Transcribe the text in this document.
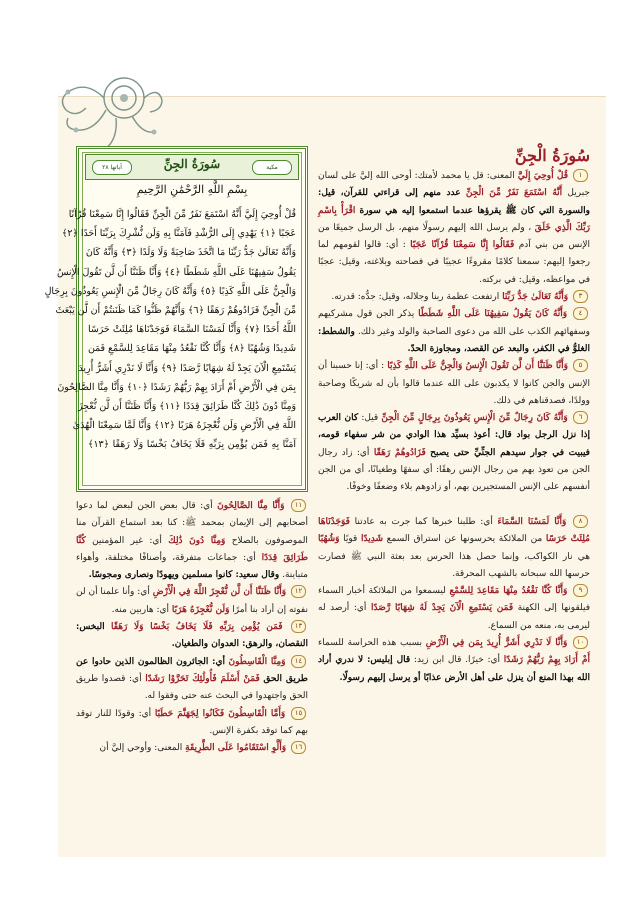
سُورَةُ الْجِنِّ
١ قُلْ أُوحِيَ إِلَيَّ المعنى: قل يا محمد لأمتك: أوحى الله إليَّ على لسان جبريل أَنَّهُ اسْتَمَعَ نَفَرٌ مِّنَ الْجِنِّ عدد منهم إلى قراءتي للقرآن، قيل: والسورة التي كان ﷺ يقرؤها عندما استمعوا إليه هي سورة اقْرَأْ بِاسْمِ رَبِّكَ الَّذِي خَلَقَ ، ولم يرسل الله إليهم رسولًا منهم، بل الرسل جميعًا من الإنس من بني آدم فَقَالُوا إِنَّا سَمِعْنَا قُرْآنًا عَجَبًا : أي: قالوا لقومهم لما رجعوا إليهم: سمعنا كلامًا مقروءًا عجيبًا في فصاحته وبلاغته، وقيل: عجبًا في مواعظه، وقيل: في بركته.
٣ وَأَنَّهُ تَعَالَىٰ جَدُّ رَبِّنَا ارتفعت عظمة ربنا وجلاله، وقيل: جدُّه: قدرته.
٤ وَأَنَّهُ كَانَ يَقُولُ سَفِيهُنَا عَلَى اللَّهِ شَطَطًا يذكر الجن قول مشركيهم وسفهائهم الكذب على الله من دعوى الصاحبة والولد وغير ذلك. والشطط: الغلوُّ في الكفر، والبعد عن القصد، ومجاوزة الحدّ.
٥ وَأَنَّا ظَنَنَّا أَن لَّن تَقُولَ الْإِنسُ وَالْجِنُّ عَلَى اللَّهِ كَذِبًا : أي: إنا حسبنا أن الإنس والجن كانوا لا يكذبون على الله عندما قالوا بأن له شريكًا وصاحبة وولدًا، فصدقناهم في ذلك.
٦ وَأَنَّهُ كَانَ رِجَالٌ مِّنَ الْإِنسِ يَعُوذُونَ بِرِجَالٍ مِّنَ الْجِنِّ قيل: كان العرب إذا نزل الرجل بواد قال: أعوذ بسيِّد هذا الوادي من شر سفهاء قومه، فيبيت في جوار سيدهم الجنِّيِّ حتى يصبح فَزَادُوهُمْ رَهَقًا أي: زاد رجال الجن من تعوذ بهم من رجال الإنس رهقًا: أي سفهًا وطغيانًا، أي من الجن أنفسهم على الإنس المستجيرين بهم، أو زادوهم بلاء وضعفًا وخوفًا.
مكية
سُورَةُ الجِنِّ
آياتها ٢٨
بِسْمِ اللَّهِ الرَّحْمَٰنِ الرَّحِيمِ
قُلْ أُوحِيَ إِلَيَّ أَنَّهُ اسْتَمَعَ نَفَرٌ مِّنَ الْجِنِّ فَقَالُوا إِنَّا سَمِعْنَا قُرْآنًا
عَجَبًا ﴿١﴾ يَهْدِي إِلَى الرُّشْدِ فَآمَنَّا بِهِ وَلَن نُّشْرِكَ بِرَبِّنَا أَحَدًا ﴿٢﴾
وَأَنَّهُ تَعَالَىٰ جَدُّ رَبِّنَا مَا اتَّخَذَ صَاحِبَةً وَلَا وَلَدًا ﴿٣﴾ وَأَنَّهُ كَانَ
يَقُولُ سَفِيهُنَا عَلَى اللَّهِ شَطَطًا ﴿٤﴾ وَأَنَّا ظَنَنَّا أَن لَّن تَقُولَ الْإِنسُ
وَالْجِنُّ عَلَى اللَّهِ كَذِبًا ﴿٥﴾ وَأَنَّهُ كَانَ رِجَالٌ مِّنَ الْإِنسِ يَعُوذُونَ بِرِجَالٍ
مِّنَ الْجِنِّ فَزَادُوهُمْ رَهَقًا ﴿٦﴾ وَأَنَّهُمْ ظَنُّوا كَمَا ظَنَنتُمْ أَن لَّن يَبْعَثَ
اللَّهُ أَحَدًا ﴿٧﴾ وَأَنَّا لَمَسْنَا السَّمَاءَ فَوَجَدْنَاهَا مُلِئَتْ حَرَسًا
شَدِيدًا وَشُهُبًا ﴿٨﴾ وَأَنَّا كُنَّا نَقْعُدُ مِنْهَا مَقَاعِدَ لِلسَّمْعِ فَمَن
يَسْتَمِعِ الْآنَ يَجِدْ لَهُ شِهَابًا رَّصَدًا ﴿٩﴾ وَأَنَّا لَا نَدْرِي أَشَرٌّ أُرِيدَ
بِمَن فِي الْأَرْضِ أَمْ أَرَادَ بِهِمْ رَبُّهُمْ رَشَدًا ﴿١٠﴾ وَأَنَّا مِنَّا الصَّالِحُونَ
وَمِنَّا دُونَ ذَٰلِكَ كُنَّا طَرَائِقَ قِدَدًا ﴿١١﴾ وَأَنَّا ظَنَنَّا أَن لَّن نُّعْجِزَ
اللَّهَ فِي الْأَرْضِ وَلَن نُّعْجِزَهُ هَرَبًا ﴿١٢﴾ وَأَنَّا لَمَّا سَمِعْنَا الْهُدَىٰ
آمَنَّا بِهِ فَمَن يُؤْمِن بِرَبِّهِ فَلَا يَخَافُ بَخْسًا وَلَا رَهَقًا ﴿١٣﴾
٨ وَأَنَّا لَمَسْنَا السَّمَاءَ أي: طلبنا خبرها كما جرت به عادتنا فَوَجَدْنَاهَا مُلِئَتْ حَرَسًا من الملائكة يحرسونها عن استراق السمع شَدِيدًا قويًا وَشُهُبًا هي نار الكواكب، وإنما حصل هذا الحرس بعد بعثة النبي ﷺ فصارت حرسها الله سبحانه بالشهب المحرقة.
٩ وَأَنَّا كُنَّا نَقْعُدُ مِنْهَا مَقَاعِدَ لِلسَّمْعِ ليسمعوا من الملائكة أخبار السماء فيلقونها إلى الكهنة فَمَن يَسْتَمِعِ الْآنَ يَجِدْ لَهُ شِهَابًا رَّصَدًا أي: أرصد له ليرمى به، منعه من السماع.
١٠ وَأَنَّا لَا نَدْرِي أَشَرٌّ أُرِيدَ بِمَن فِي الْأَرْضِ بسبب هذه الحراسة للسماء أَمْ أَرَادَ بِهِمْ رَبُّهُمْ رَشَدًا أي: خيرًا. قال ابن زيد: قال إبليس: لا ندري أراد الله بهذا المنع أن ينزل على أهل الأرض عذابًا أو يرسل إليهم رسولًا.
١١ وَأَنَّا مِنَّا الصَّالِحُونَ أي: قال بعض الجن لبعض لما دعوا أصحابهم إلى الإيمان بمحمد ﷺ: كنا بعد استماع القرآن منا الموصوفون بالصلاح وَمِنَّا دُونَ ذَٰلِكَ أي: غير المؤمنين كُنَّا طَرَائِقَ قِدَدًا أي: جماعات متفرقة، وأصنافًا مختلفة، وأهواء متباينة. وقال سعيد: كانوا مسلمين ويهودًا ونصارى ومجوسًا.
١٢ وَأَنَّا ظَنَنَّا أَن لَّن نُّعْجِزَ اللَّهَ فِي الْأَرْضِ أي: وأنا علمنا أن لن نفوته إن أراد بنا أمرًا وَلَن نُّعْجِزَهُ هَرَبًا أي: هاربين منه.
١٣ فَمَن يُؤْمِن بِرَبِّهِ فَلَا يَخَافُ بَخْسًا وَلَا رَهَقًا البخس: النقصان، والرهق: العدوان والطغيان.
١٤ وَمِنَّا الْقَاسِطُونَ أي: الجائرون الظالمون الذين حادوا عن طريق الحق فَمَنْ أَسْلَمَ فَأُولَٰئِكَ تَحَرَّوْا رَشَدًا أي: قصدوا طريق الحق واجتهدوا في البحث عنه حتى وفقوا له.
١٥ وَأَمَّا الْقَاسِطُونَ فَكَانُوا لِجَهَنَّمَ حَطَبًا أي: وقودًا للنار توقد بهم كما توقد بكفرة الإنس.
١٦ وَأَلَّوِ اسْتَقَامُوا عَلَى الطَّرِيقَةِ المعنى: وأوحي إليَّ أن
